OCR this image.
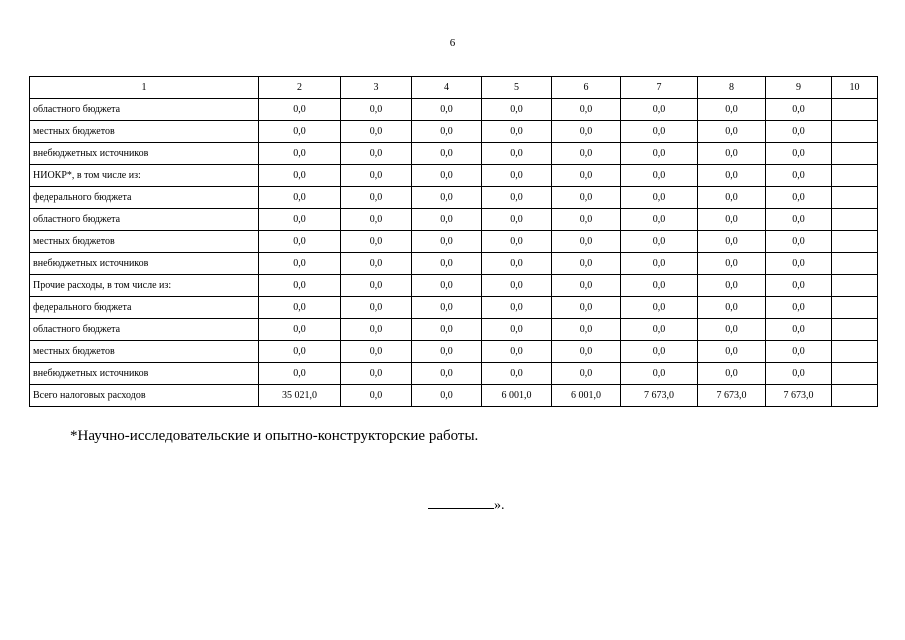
6
1	2	3	4	5	6	7	8	9	10
областного бюджета	0,0	0,0	0,0	0,0	0,0	0,0	0,0	0,0	
местных бюджетов	0,0	0,0	0,0	0,0	0,0	0,0	0,0	0,0	
внебюджетных источников	0,0	0,0	0,0	0,0	0,0	0,0	0,0	0,0	
НИОКР*, в том числе из:	0,0	0,0	0,0	0,0	0,0	0,0	0,0	0,0	
федерального бюджета	0,0	0,0	0,0	0,0	0,0	0,0	0,0	0,0	
областного бюджета	0,0	0,0	0,0	0,0	0,0	0,0	0,0	0,0	
местных бюджетов	0,0	0,0	0,0	0,0	0,0	0,0	0,0	0,0	
внебюджетных источников	0,0	0,0	0,0	0,0	0,0	0,0	0,0	0,0	
Прочие расходы, в том числе из:	0,0	0,0	0,0	0,0	0,0	0,0	0,0	0,0	
федерального бюджета	0,0	0,0	0,0	0,0	0,0	0,0	0,0	0,0	
областного бюджета	0,0	0,0	0,0	0,0	0,0	0,0	0,0	0,0	
местных бюджетов	0,0	0,0	0,0	0,0	0,0	0,0	0,0	0,0	
внебюджетных источников	0,0	0,0	0,0	0,0	0,0	0,0	0,0	0,0	
Всего налоговых расходов	35 021,0	0,0	0,0	6 001,0	6 001,0	7 673,0	7 673,0	7 673,0	
*Научно-исследовательские и опытно-конструкторские работы.
».
